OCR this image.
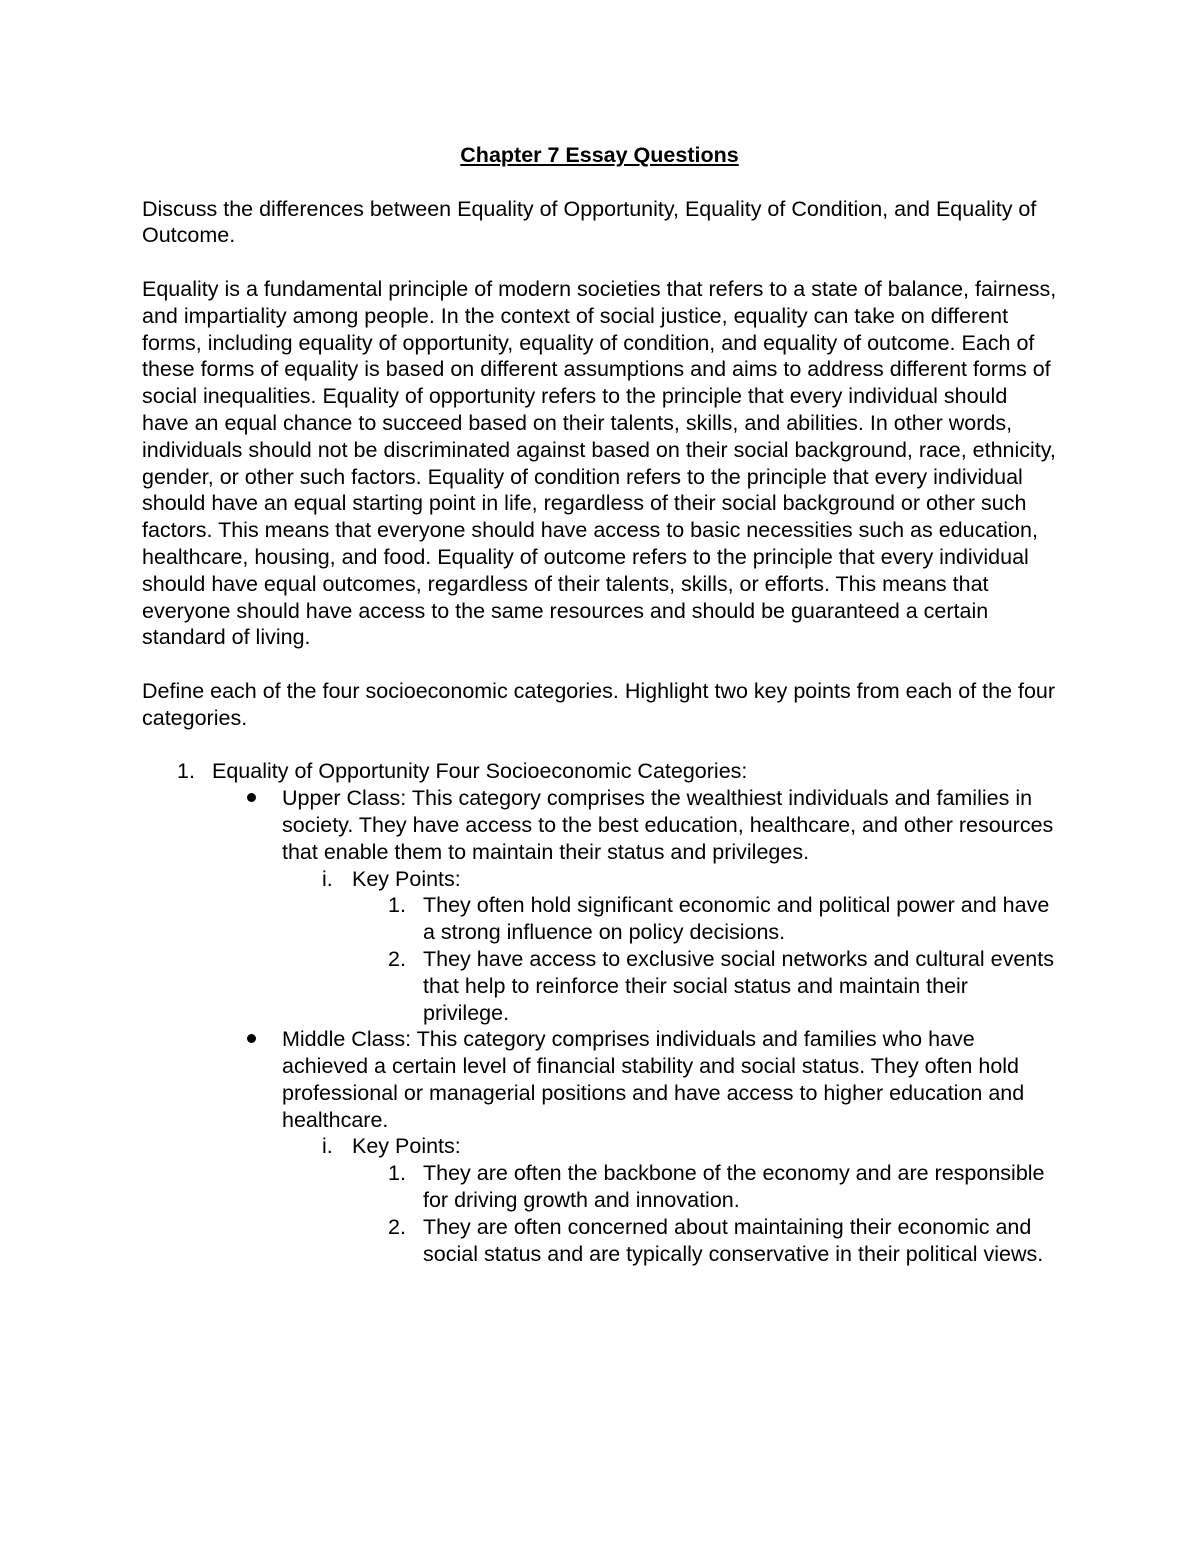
Chapter 7 Essay Questions

Discuss the differences between Equality of Opportunity, Equality of Condition, and Equality of Outcome.

Equality is a fundamental principle of modern societies that refers to a state of balance, fairness, and impartiality among people. In the context of social justice, equality can take on different forms, including equality of opportunity, equality of condition, and equality of outcome. Each of these forms of equality is based on different assumptions and aims to address different forms of social inequalities. Equality of opportunity refers to the principle that every individual should have an equal chance to succeed based on their talents, skills, and abilities. In other words, individuals should not be discriminated against based on their social background, race, ethnicity, gender, or other such factors. Equality of condition refers to the principle that every individual should have an equal starting point in life, regardless of their social background or other such factors. This means that everyone should have access to basic necessities such as education, healthcare, housing, and food. Equality of outcome refers to the principle that every individual should have equal outcomes, regardless of their talents, skills, or efforts. This means that everyone should have access to the same resources and should be guaranteed a certain standard of living.

Define each of the four socioeconomic categories. Highlight two key points from each of the four categories.

1. Equality of Opportunity Four Socioeconomic Categories:
Upper Class: This category comprises the wealthiest individuals and families in society. They have access to the best education, healthcare, and other resources that enable them to maintain their status and privileges.
i. Key Points:
1. They often hold significant economic and political power and have a strong influence on policy decisions.
2. They have access to exclusive social networks and cultural events that help to reinforce their social status and maintain their privilege.
Middle Class: This category comprises individuals and families who have achieved a certain level of financial stability and social status. They often hold professional or managerial positions and have access to higher education and healthcare.
i. Key Points:
1. They are often the backbone of the economy and are responsible for driving growth and innovation.
2. They are often concerned about maintaining their economic and social status and are typically conservative in their political views.
